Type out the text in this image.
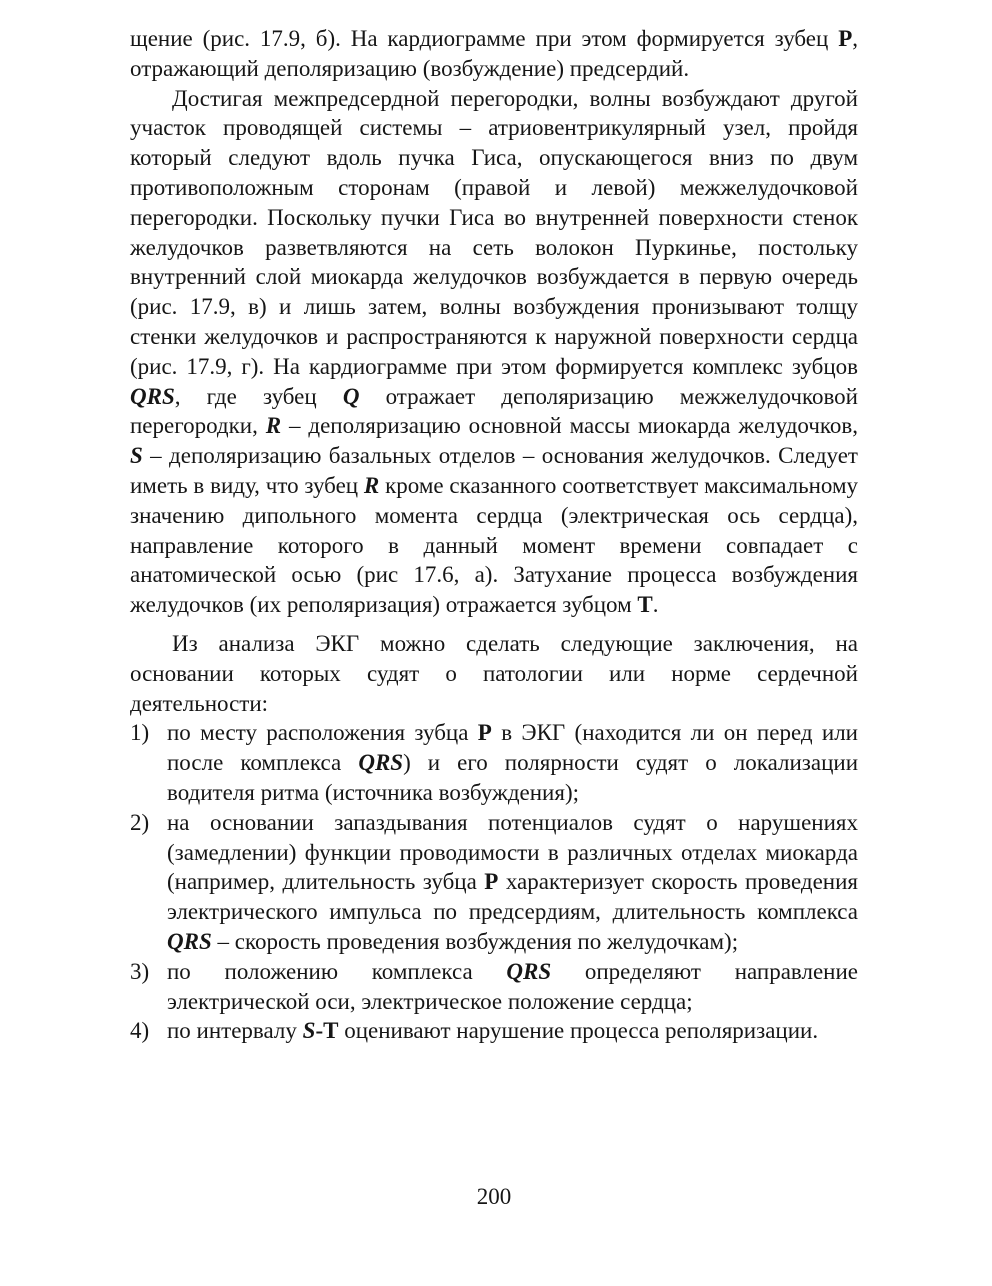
щение (рис. 17.9, б). На кардиограмме при этом формируется зубец Р, отражающий деполяризацию (возбуждение) предсердий.

Достигая межпредсердной перегородки, волны возбуждают другой участок проводящей системы – атриовентрикулярный узел, пройдя который следуют вдоль пучка Гиса, опускающегося вниз по двум противоположным сторонам (правой и левой) межжелудочковой перегородки. Поскольку пучки Гиса во внутренней поверхности стенок желудочков разветвляются на сеть волокон Пуркинье, постольку внутренний слой миокарда желудочков возбуждается в первую очередь (рис. 17.9, в) и лишь затем, волны возбуждения пронизывают толщу стенки желудочков и распространяются к наружной поверхности сердца (рис. 17.9, г). На кардиограмме при этом формируется комплекс зубцов QRS, где зубец Q отражает деполяризацию межжелудочковой перегородки, R – деполяризацию основной массы миокарда желудочков, S – деполяризацию базальных отделов – основания желудочков. Следует иметь в виду, что зубец R кроме сказанного соответствует максимальному значению дипольного момента сердца (электрическая ось сердца), направление которого в данный момент времени совпадает с анатомической осью (рис 17.6, а). Затухание процесса возбуждения желудочков (их реполяризация) отражается зубцом Т.

Из анализа ЭКГ можно сделать следующие заключения, на основании которых судят о патологии или норме сердечной деятельности:

1) по месту расположения зубца Р в ЭКГ (находится ли он перед или после комплекса QRS) и его полярности судят о локализации водителя ритма (источника возбуждения);
2) на основании запаздывания потенциалов судят о нарушениях (замедлении) функции проводимости в различных отделах миокарда (например, длительность зубца Р характеризует скорость проведения электрического импульса по предсердиям, длительность комплекса QRS – скорость проведения возбуждения по желудочкам);
3) по положению комплекса QRS определяют направление электрической оси, электрическое положение сердца;
4) по интервалу S-Т оценивают нарушение процесса реполяризации.
200
